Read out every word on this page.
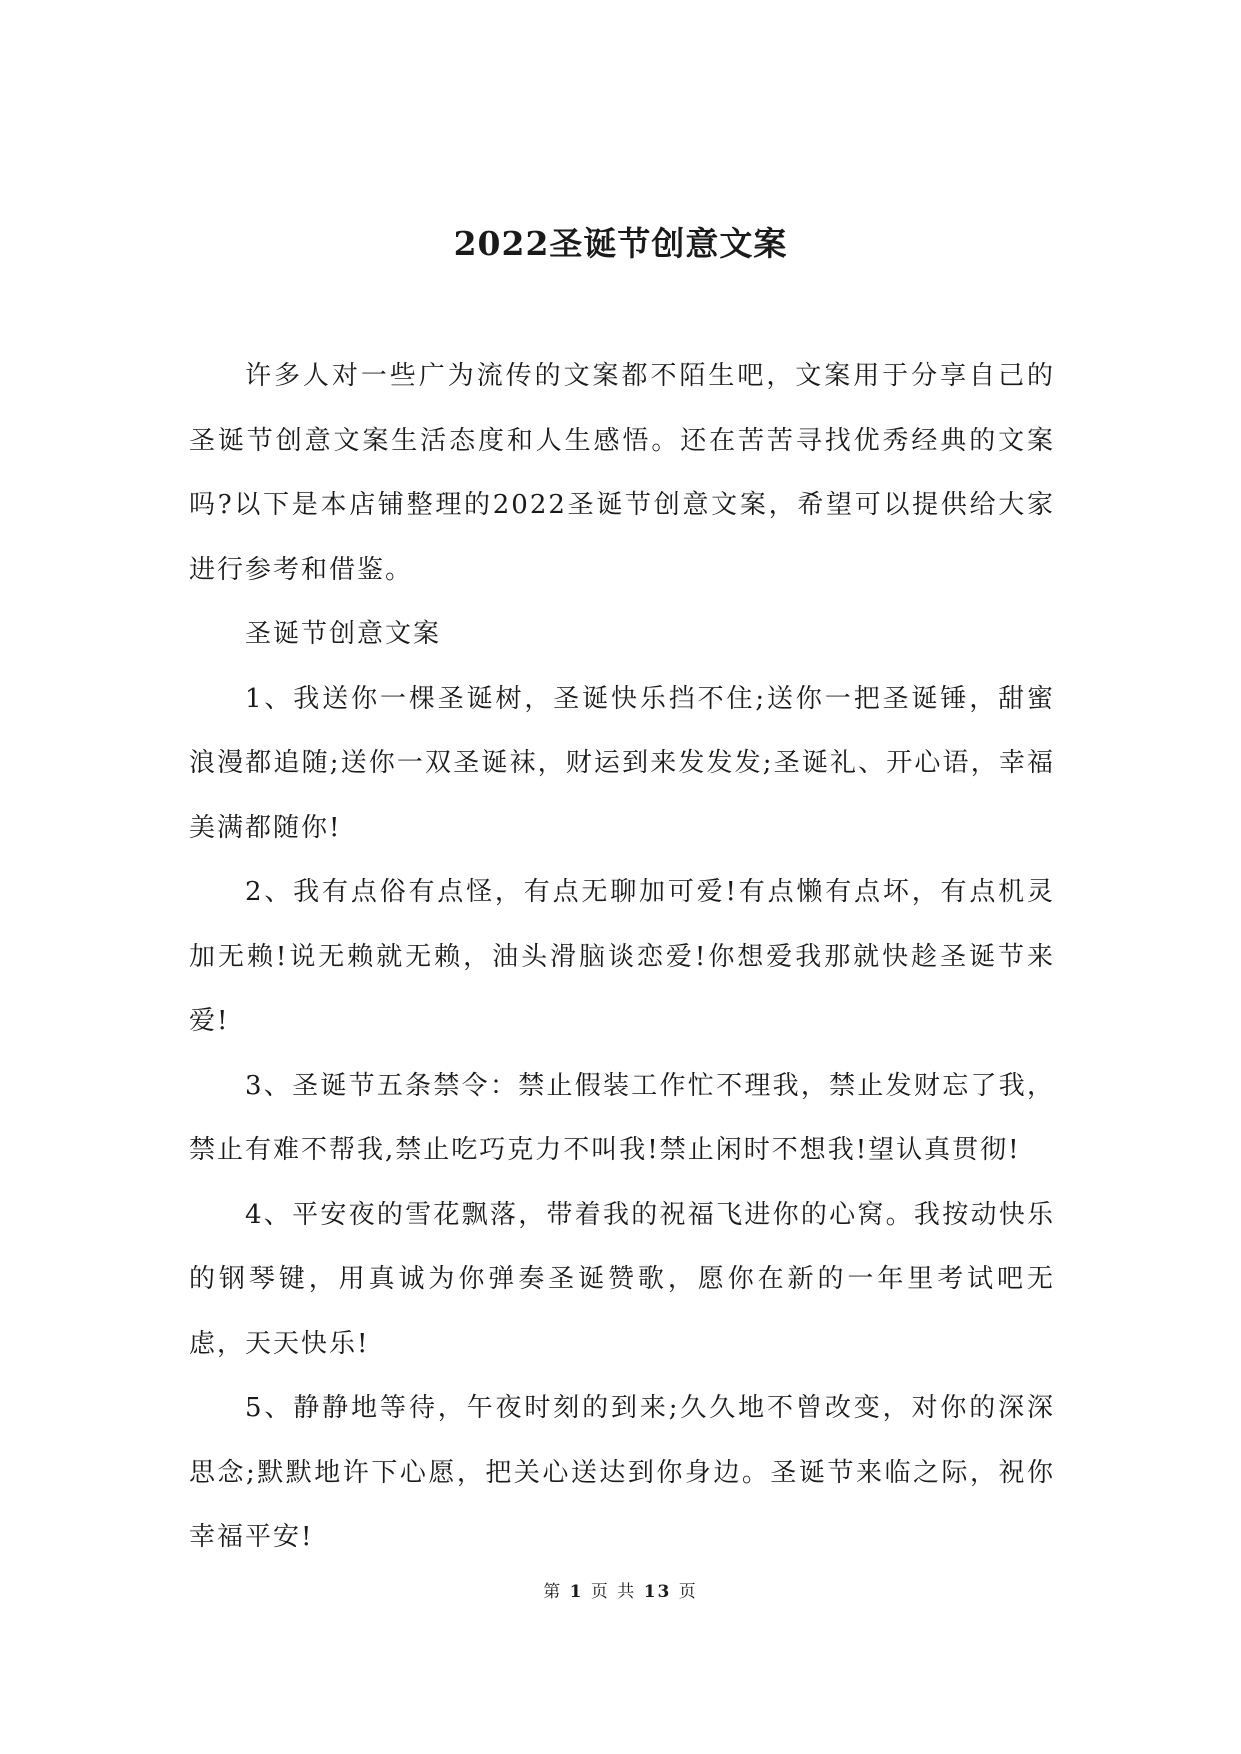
2022圣诞节创意文案

许多人对一些广为流传的文案都不陌生吧，文案用于分享自己的圣诞节创意文案生活态度和人生感悟。还在苦苦寻找优秀经典的文案吗?以下是本店铺整理的2022圣诞节创意文案，希望可以提供给大家进行参考和借鉴。

圣诞节创意文案

1、我送你一棵圣诞树，圣诞快乐挡不住;送你一把圣诞锤，甜蜜浪漫都追随;送你一双圣诞袜，财运到来发发发;圣诞礼、开心语，幸福美满都随你!

2、我有点俗有点怪，有点无聊加可爱!有点懒有点坏，有点机灵加无赖!说无赖就无赖，油头滑脑谈恋爱!你想爱我那就快趁圣诞节来爱!

3、圣诞节五条禁令：禁止假装工作忙不理我，禁止发财忘了我，禁止有难不帮我,禁止吃巧克力不叫我!禁止闲时不想我!望认真贯彻!

4、平安夜的雪花飘落，带着我的祝福飞进你的心窝。我按动快乐的钢琴键，用真诚为你弹奏圣诞赞歌，愿你在新的一年里考试吧无虑，天天快乐!

5、静静地等待，午夜时刻的到来;久久地不曾改变，对你的深深思念;默默地许下心愿，把关心送达到你身边。圣诞节来临之际，祝你幸福平安!

第 1 页 共 13 页
